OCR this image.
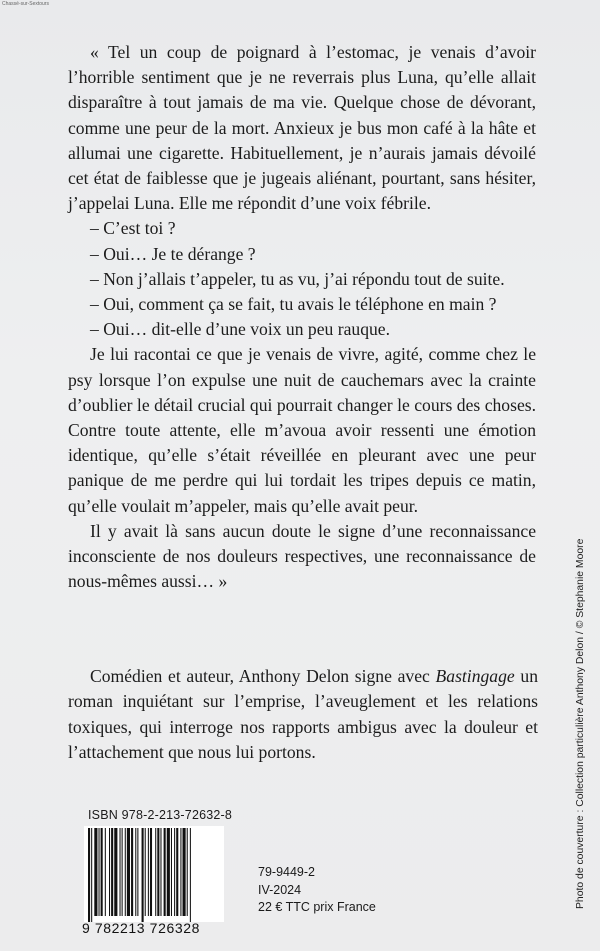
Chassé-sur-Sextours

« Tel un coup de poignard à l’estomac, je venais d’avoir l’horrible sentiment que je ne reverrais plus Luna, qu’elle allait disparaître à tout jamais de ma vie. Quelque chose de dévorant, comme une peur de la mort. Anxieux je bus mon café à la hâte et allumai une cigarette. Habituellement, je n’aurais jamais dévoilé cet état de faiblesse que je jugeais aliénant, pourtant, sans hésiter, j’appelai Luna. Elle me répondit d’une voix fébrile.

– C’est toi ?

– Oui… Je te dérange ?

– Non j’allais t’appeler, tu as vu, j’ai répondu tout de suite.

– Oui, comment ça se fait, tu avais le téléphone en main ?

– Oui… dit-elle d’une voix un peu rauque.

Je lui racontai ce que je venais de vivre, agité, comme chez le psy lorsque l’on expulse une nuit de cauchemars avec la crainte d’oublier le détail crucial qui pourrait changer le cours des choses. Contre toute attente, elle m’avoua avoir ressenti une émotion identique, qu’elle s’était réveillée en pleurant avec une peur panique de me perdre qui lui tordait les tripes depuis ce matin, qu’elle voulait m’appeler, mais qu’elle avait peur.

Il y avait là sans aucun doute le signe d’une reconnaissance inconsciente de nos douleurs respectives, une reconnaissance de nous-mêmes aussi… »

Comédien et auteur, Anthony Delon signe avec Bastingage un roman inquiétant sur l’emprise, l’aveuglement et les relations toxiques, qui interroge nos rapports ambigus avec la douleur et l’attachement que nous lui portons.

ISBN 978-2-213-72632-8
9 782213 726328
79-9449-2
IV-2024
22 € TTC prix France	Photo de couverture : Collection particulière Anthony Delon / © Stephanie Moore
